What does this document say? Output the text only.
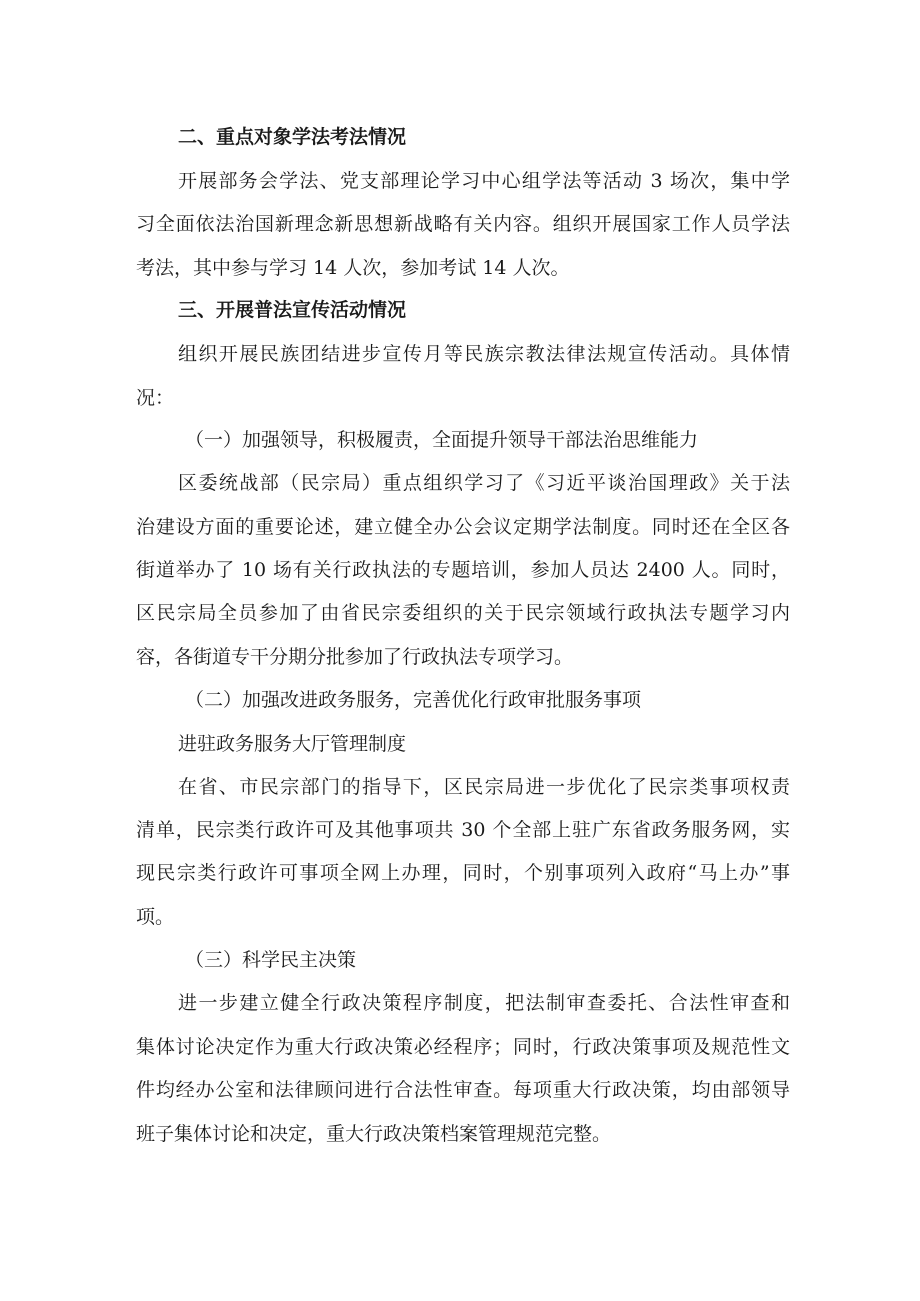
二、重点对象学法考法情况

开展部务会学法、党支部理论学习中心组学法等活动 3 场次，集中学

习全面依法治国新理念新思想新战略有关内容。组织开展国家工作人员学法

考法，其中参与学习 14 人次，参加考试 14 人次。

三、开展普法宣传活动情况

组织开展民族团结进步宣传月等民族宗教法律法规宣传活动。具体情

况：

（一）加强领导，积极履责，全面提升领导干部法治思维能力

区委统战部（民宗局）重点组织学习了《习近平谈治国理政》关于法

治建设方面的重要论述，建立健全办公会议定期学法制度。同时还在全区各

街道举办了 10 场有关行政执法的专题培训，参加人员达 2400 人。同时，

区民宗局全员参加了由省民宗委组织的关于民宗领域行政执法专题学习内

容，各街道专干分期分批参加了行政执法专项学习。

（二）加强改进政务服务，完善优化行政审批服务事项

进驻政务服务大厅管理制度

在省、市民宗部门的指导下，区民宗局进一步优化了民宗类事项权责

清单，民宗类行政许可及其他事项共 30 个全部上驻广东省政务服务网，实

现民宗类行政许可事项全网上办理，同时，个别事项列入政府“马上办”事

项。

（三）科学民主决策

进一步建立健全行政决策程序制度，把法制审查委托、合法性审查和

集体讨论决定作为重大行政决策必经程序；同时，行政决策事项及规范性文

件均经办公室和法律顾问进行合法性审查。每项重大行政决策，均由部领导

班子集体讨论和决定，重大行政决策档案管理规范完整。
